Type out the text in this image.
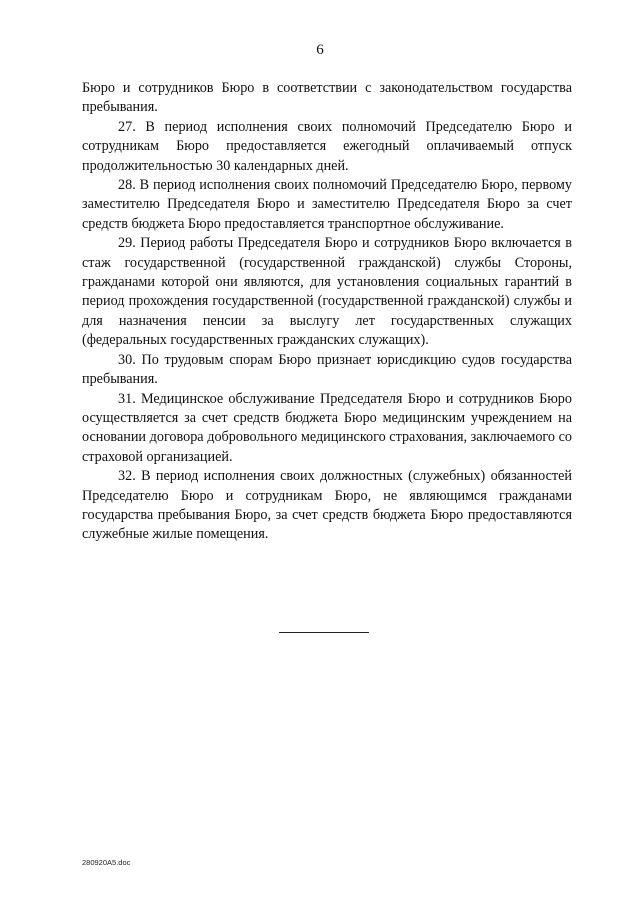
6

Бюро и сотрудников Бюро в соответствии с законодательством государства пребывания.

27. В период исполнения своих полномочий Председателю Бюро и сотрудникам Бюро предоставляется ежегодный оплачиваемый отпуск продолжительностью 30 календарных дней.

28. В период исполнения своих полномочий Председателю Бюро, первому заместителю Председателя Бюро и заместителю Председателя Бюро за счет средств бюджета Бюро предоставляется транспортное обслуживание.

29. Период работы Председателя Бюро и сотрудников Бюро включается в стаж государственной (государственной гражданской) службы Стороны, гражданами которой они являются, для установления социальных гарантий в период прохождения государственной (государственной гражданской) службы и для назначения пенсии за выслугу лет государственных служащих (федеральных государственных гражданских служащих).

30. По трудовым спорам Бюро признает юрисдикцию судов государства пребывания.

31. Медицинское обслуживание Председателя Бюро и сотрудников Бюро осуществляется за счет средств бюджета Бюро медицинским учреждением на основании договора добровольного медицинского страхования, заключаемого со страховой организацией.

32. В период исполнения своих должностных (служебных) обязанностей Председателю Бюро и сотрудникам Бюро, не являющимся гражданами государства пребывания Бюро, за счет средств бюджета Бюро предоставляются служебные жилые помещения.

280920A5.doc
